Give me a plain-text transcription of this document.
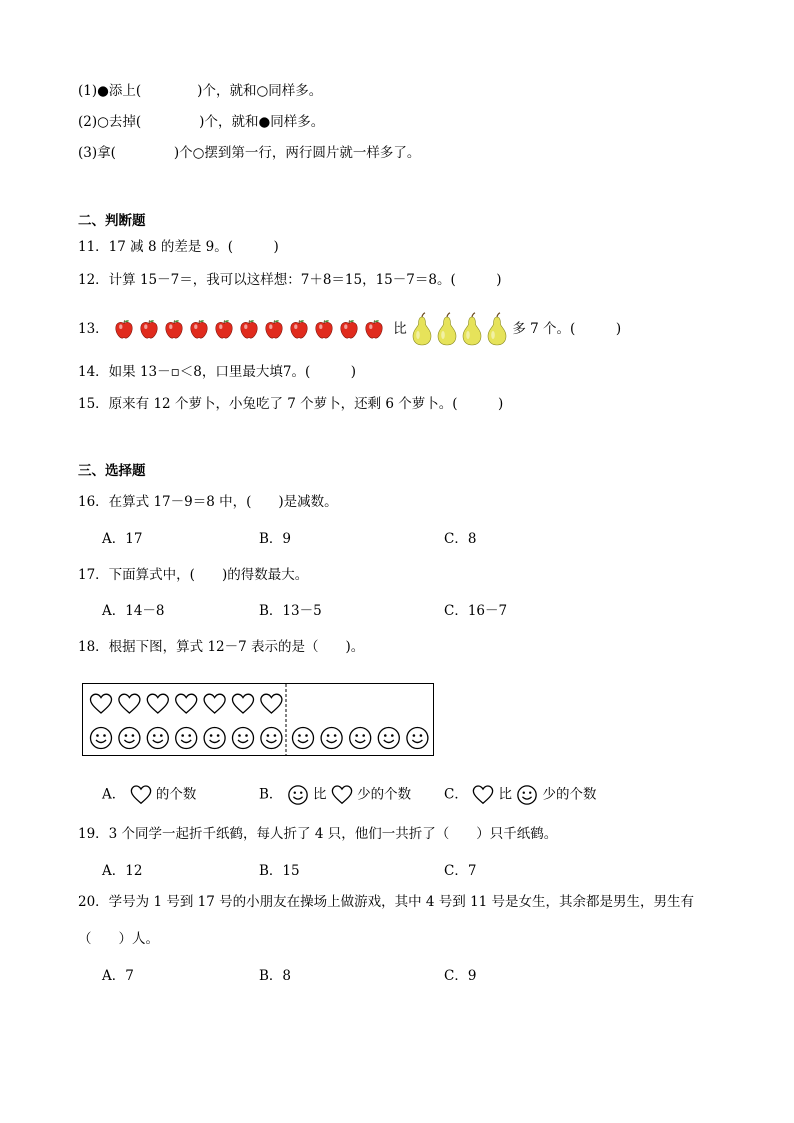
(1)●添上(	)个，就和○同样多。
(2)○去掉(	)个，就和●同样多。
(3)拿(	)个○摆到第一行，两行圆片就一样多了。
二、判断题
11．17 减 8 的差是 9。(　　　)
12．计算 15－7＝，我可以这样想：7＋8＝15，15－7＝8。(　　　)
13．	比	多 7 个。(　　　)
14．如果 13－▫＜8，口里最大填7。(　　　)
15．原来有 12 个萝卜，小兔吃了 7 个萝卜，还剩 6 个萝卜。(　　　)
三、选择题
16．在算式 17－9＝8 中，(　　)是减数。
A．17	B．9	C．8
17．下面算式中，(　　)的得数最大。
A．14－8	B．13－5	C．16－7
18．根据下图，算式 12－7 表示的是（　　)。
A． 的个数	B． 比 少的个数 C． 比 少的个数
19．3 个同学一起折千纸鹤，每人折了 4 只，他们一共折了（　　）只千纸鹤。
A．12	B．15	C．7
20．学号为 1 号到 17 号的小朋友在操场上做游戏，其中 4 号到 11 号是女生，其余都是男生，男生有
（　　）人。
A．7	B．8	C．9
